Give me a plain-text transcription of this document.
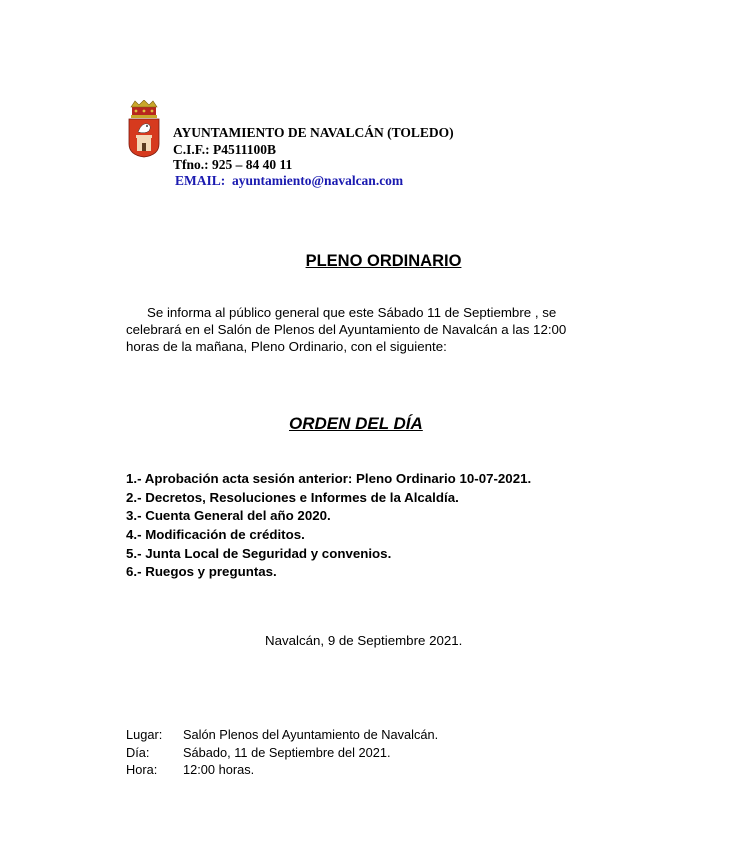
AYUNTAMIENTO DE NAVALCÁN (TOLEDO)
C.I.F.: P4511100B
Tfno.: 925 – 84 40 11
EMAIL: ayuntamiento@navalcan.com
PLENO ORDINARIO

Se informa al público general que este Sábado 11 de Septiembre , se

celebrará en el Salón de Plenos del Ayuntamiento de Navalcán a las 12:00

horas de la mañana, Pleno Ordinario, con el siguiente:

ORDEN DEL DÍA
1.- Aprobación acta sesión anterior: Pleno Ordinario 10-07-2021.
2.- Decretos, Resoluciones e Informes de la Alcaldía.
3.- Cuenta General del año 2020.
4.- Modificación de créditos.
5.- Junta Local de Seguridad y convenios.
6.- Ruegos y preguntas.
Navalcán, 9 de Septiembre 2021.
Lugar: Salón Plenos del Ayuntamiento de Navalcán.
Día:	Sábado, 11 de Septiembre del 2021.
Hora: 12:00 horas.
